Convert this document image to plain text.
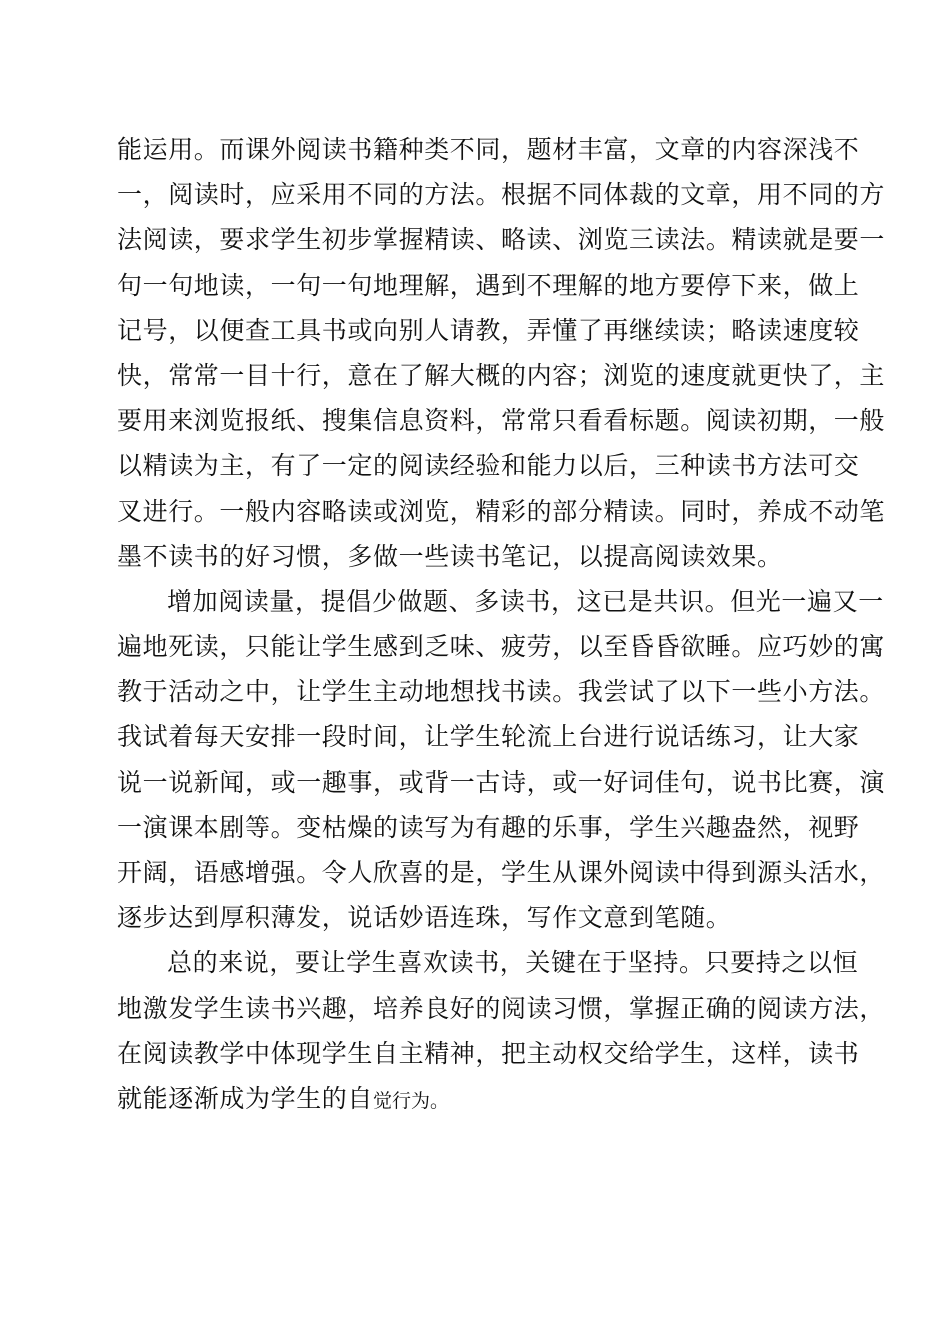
能运用。而课外阅读书籍种类不同，题材丰富，文章的内容深浅不
一，阅读时，应采用不同的方法。根据不同体裁的文章，用不同的方
法阅读，要求学生初步掌握精读、略读、浏览三读法。精读就是要一
句一句地读，一句一句地理解，遇到不理解的地方要停下来，做上
记号，以便查工具书或向别人请教，弄懂了再继续读；略读速度较
快，常常一目十行，意在了解大概的内容；浏览的速度就更快了，主
要用来浏览报纸、搜集信息资料，常常只看看标题。阅读初期，一般
以精读为主，有了一定的阅读经验和能力以后，三种读书方法可交
叉进行。一般内容略读或浏览，精彩的部分精读。同时，养成不动笔
墨不读书的好习惯，多做一些读书笔记，以提高阅读效果。
增加阅读量，提倡少做题、多读书，这已是共识。但光一遍又一
遍地死读，只能让学生感到乏味、疲劳，以至昏昏欲睡。应巧妙的寓
教于活动之中，让学生主动地想找书读。我尝试了以下一些小方法。
我试着每天安排一段时间，让学生轮流上台进行说话练习，让大家
说一说新闻，或一趣事，或背一古诗，或一好词佳句，说书比赛，演
一演课本剧等。变枯燥的读写为有趣的乐事，学生兴趣盎然，视野
开阔，语感增强。令人欣喜的是，学生从课外阅读中得到源头活水，
逐步达到厚积薄发，说话妙语连珠，写作文意到笔随。
总的来说，要让学生喜欢读书，关键在于坚持。只要持之以恒
地激发学生读书兴趣，培养良好的阅读习惯，掌握正确的阅读方法，
在阅读教学中体现学生自主精神，把主动权交给学生，这样，读书
就能逐渐成为学生的自觉行为。
